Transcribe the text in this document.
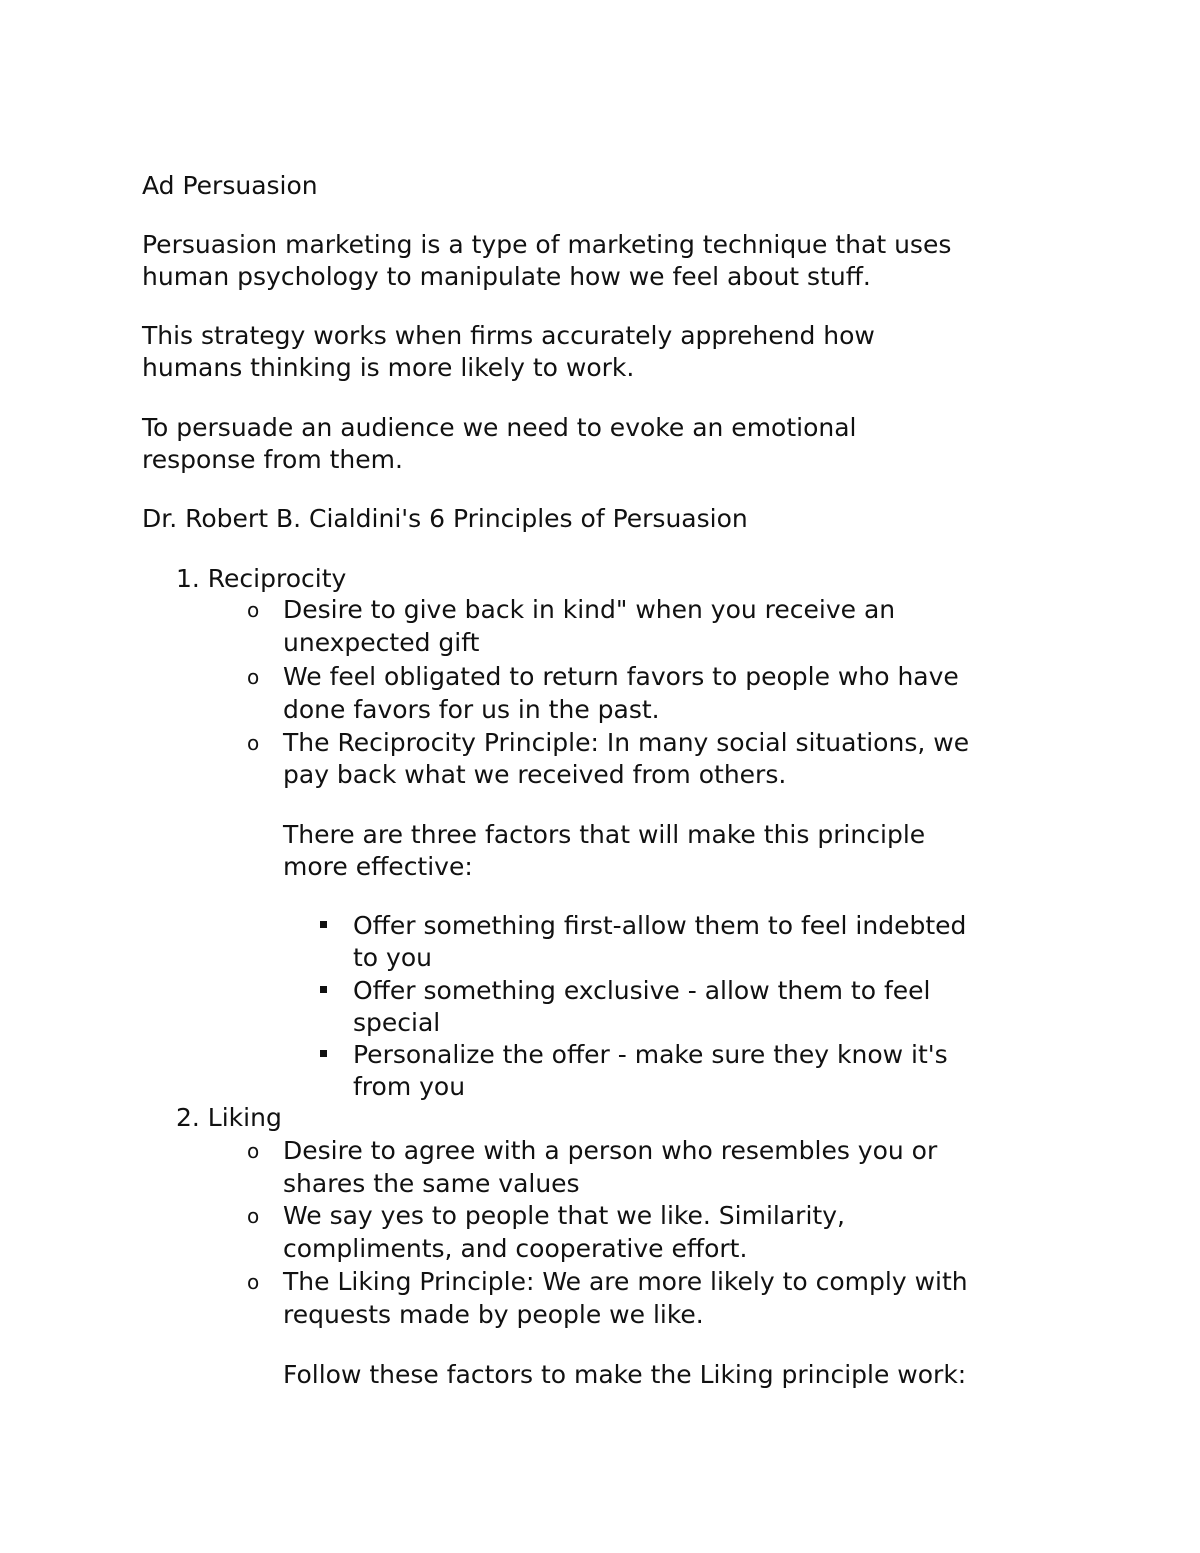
Ad Persuasion
Persuasion marketing is a type of marketing technique that uses
human psychology to manipulate how we feel about stuff.
This strategy works when firms accurately apprehend how
humans thinking is more likely to work.
To persuade an audience we need to evoke an emotional
response from them.
Dr. Robert B. Cialdini's 6 Principles of Persuasion
1. Reciprocity
o Desire to give back in kind" when you receive an
unexpected gift
o We feel obligated to return favors to people who have
done favors for us in the past.
o The Reciprocity Principle: In many social situations, we
pay back what we received from others.
There are three factors that will make this principle
more effective:
Offer something first-allow them to feel indebted
to you
Offer something exclusive - allow them to feel
special
Personalize the offer - make sure they know it's
from you
2. Liking
o Desire to agree with a person who resembles you or
shares the same values
o We say yes to people that we like. Similarity,
compliments, and cooperative effort.
o The Liking Principle: We are more likely to comply with
requests made by people we like.
Follow these factors to make the Liking principle work:
